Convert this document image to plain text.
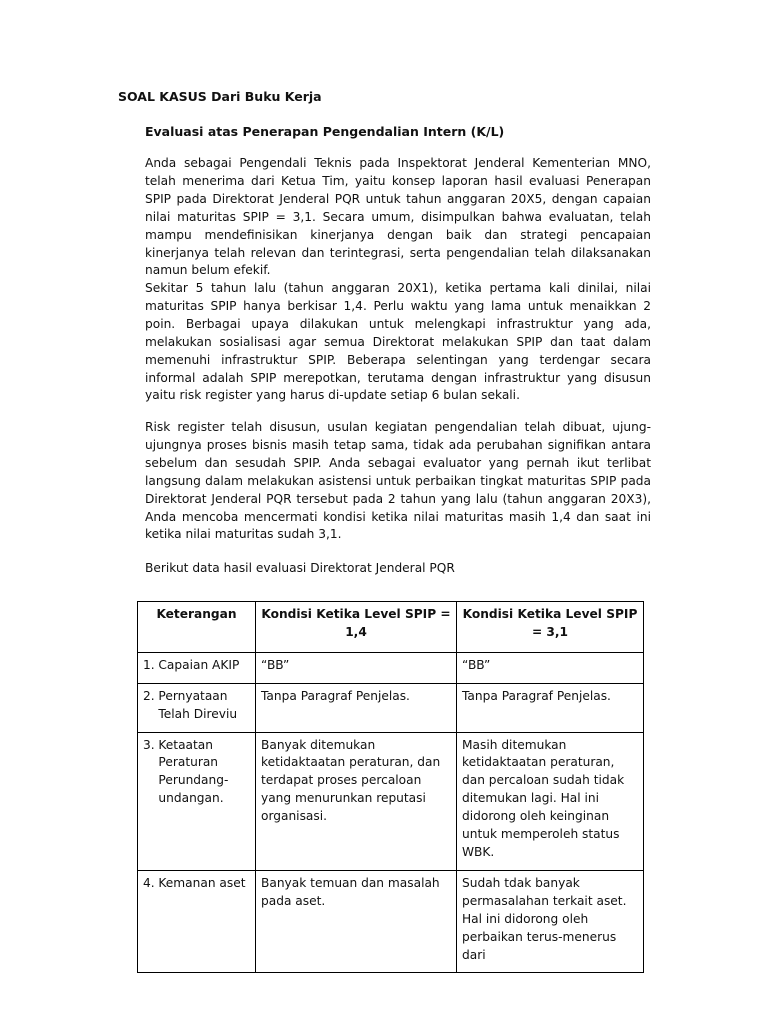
SOAL KASUS Dari Buku Kerja
Evaluasi atas Penerapan Pengendalian Intern (K/L)

Anda sebagai Pengendali Teknis pada Inspektorat Jenderal Kementerian MNO, telah menerima dari Ketua Tim, yaitu konsep laporan hasil evaluasi Penerapan SPIP pada Direktorat Jenderal PQR untuk tahun anggaran 20X5, dengan capaian nilai maturitas SPIP = 3,1. Secara umum, disimpulkan bahwa evaluatan, telah mampu mendefinisikan kinerjanya dengan baik dan strategi pencapaian kinerjanya telah relevan dan terintegrasi, serta pengendalian telah dilaksanakan namun belum efekif.

Sekitar 5 tahun lalu (tahun anggaran 20X1), ketika pertama kali dinilai, nilai maturitas SPIP hanya berkisar 1,4. Perlu waktu yang lama untuk menaikkan 2 poin. Berbagai upaya dilakukan untuk melengkapi infrastruktur yang ada, melakukan sosialisasi agar semua Direktorat melakukan SPIP dan taat dalam memenuhi infrastruktur SPIP. Beberapa selentingan yang terdengar secara informal adalah SPIP merepotkan, terutama dengan infrastruktur yang disusun yaitu risk register yang harus di-update setiap 6 bulan sekali.

Risk register telah disusun, usulan kegiatan pengendalian telah dibuat, ujung-ujungnya proses bisnis masih tetap sama, tidak ada perubahan signifikan antara sebelum dan sesudah SPIP. Anda sebagai evaluator yang pernah ikut terlibat langsung dalam melakukan asistensi untuk perbaikan tingkat maturitas SPIP pada Direktorat Jenderal PQR tersebut pada 2 tahun yang lalu (tahun anggaran 20X3), Anda mencoba mencermati kondisi ketika nilai maturitas masih 1,4 dan saat ini ketika nilai maturitas sudah 3,1.

Berikut data hasil evaluasi Direktorat Jenderal PQR

Keterangan	Kondisi Ketika Level SPIP = 1,4	Kondisi Ketika Level SPIP = 3,1

1. Capaian AKIP	“BB”	“BB”

2. Pernyataan Telah Direviu	Tanpa Paragraf Penjelas.	Tanpa Paragraf Penjelas.

3. Ketaatan Peraturan Perundang-undangan.	Banyak ditemukan ketidaktaatan peraturan, dan terdapat proses percaloan yang menurunkan reputasi organisasi.	Masih ditemukan ketidaktaatan peraturan, dan percaloan sudah tidak ditemukan lagi. Hal ini didorong oleh keinginan untuk memperoleh status WBK.

4. Kemanan aset	Banyak temuan dan masalah pada aset.	Sudah tdak banyak permasalahan terkait aset. Hal ini didorong oleh perbaikan terus-menerus dari
